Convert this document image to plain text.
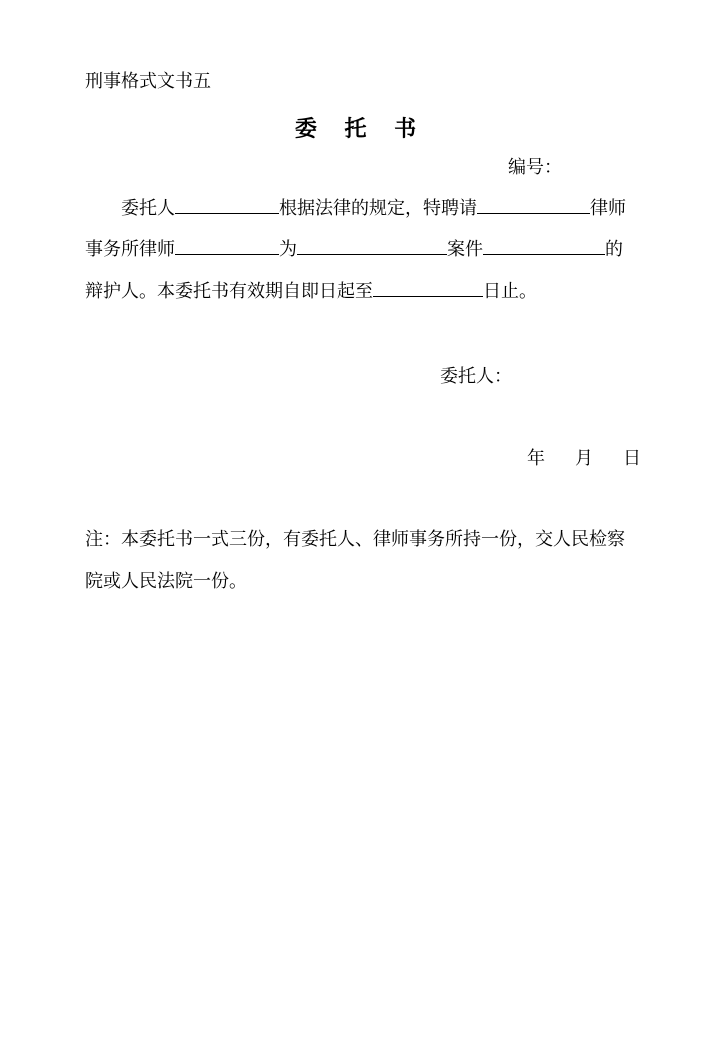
刑事格式文书五
委 托 书
编号：
委托人	根据法律的规定，特聘请	律师
事务所律师	为	案件	的
辩护人。本委托书有效期自即日起至	日止。
委托人：
年 月 日
注：本委托书一式三份，有委托人、律师事务所持一份，交人民检察
院或人民法院一份。
